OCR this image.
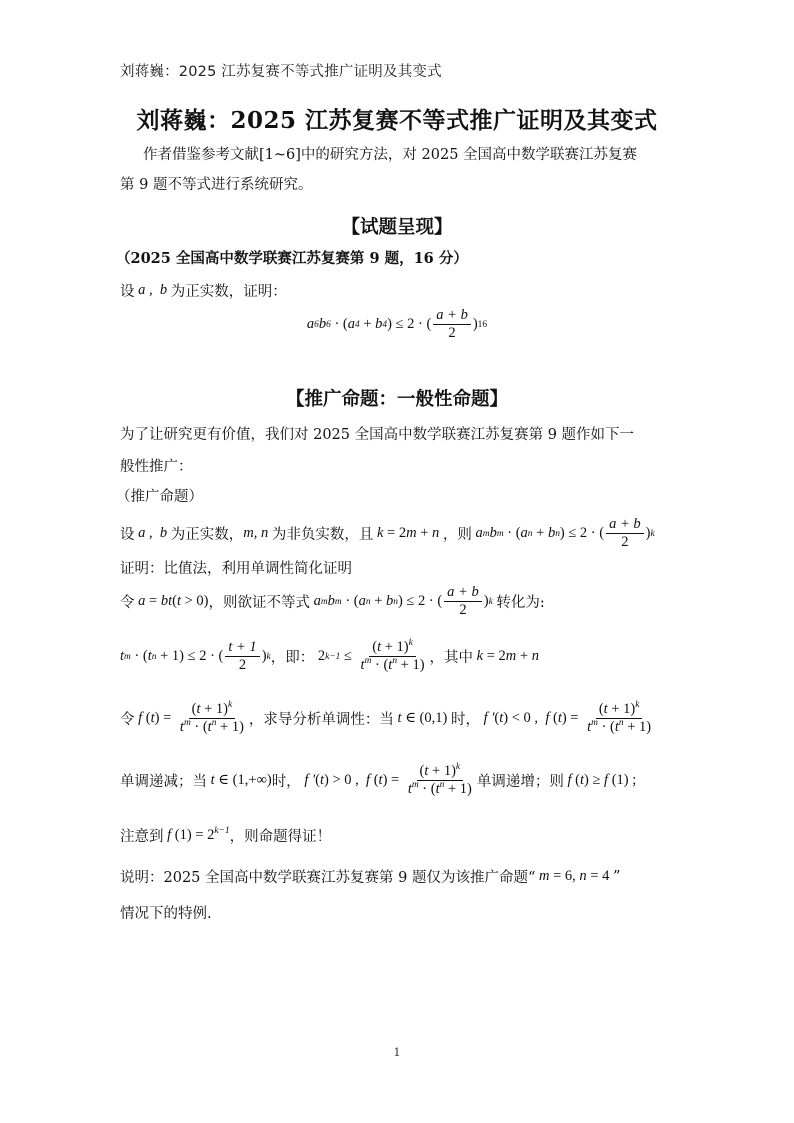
刘蒋巍：2025 江苏复赛不等式推广证明及其变式
刘蒋巍：2025 江苏复赛不等式推广证明及其变式
作者借鉴参考文献[1~6]中的研究方法，对 2025 全国高中数学联赛江苏复赛
第 9 题不等式进行系统研究。
【试题呈现】
（2025 全国高中数学联赛江苏复赛第 9 题，16 分）
设 a ,  b 为正实数，证明：
a 6 b 6 · ( a 4 + b 4 ) ≤ 2 · ( $\frac{a + b}{2}$ ) 16
【推广命题：一般性命题】
为了让研究更有价值，我们对 2025 全国高中数学联赛江苏复赛第 9 题作如下一
般性推广：
（推广命题）
设 a ,  b 为正实数， m, n 为非负实数，且 k = 2m + n ，则 a m b m · ( a n + b n ) ≤ 2 · ( $\frac{a + b}{2}$ ) k
证明：比值法，利用单调性简化证明
令 a = bt(t > 0) ，则欲证不等式 a m b m · ( a n + b n ) ≤ 2 · ( $\frac{a + b}{2}$ ) k
转化为:
t m · ( t n + 1) ≤ 2 · ( $\frac{t + 1}{2}$ ) k ，即：
2 $k-1 \le \frac{(t + 1)^k}{t^m \cdot (t^n + 1)}$ ，其中 k = 2m + n
令 f ( t ) = $\frac{(t + 1)^k}{t^m \cdot (t^n + 1)}$ ，求导分析单调性：当 t ∈ (0,1) 时， f ′(t) < 0 , f ( t ) = $\frac{(t + 1)^k}{t^m \cdot (t^n + 1)}$
单调递减；当 t ∈ (1,+∞) 时， f ′(t) > 0 , f ( t ) = $\frac{(t + 1)^k}{t^m \cdot (t^n + 1)}$ 单调递增；则 f (t) ≥ f (1) ;
注意到 f $(1) = 2^{k-1}$ ，则命题得证！
说明：2025 全国高中数学联赛江苏复赛第 9 题仅为该推广命题“ m = 6, n = 4 ”
情况下的特例.
1
